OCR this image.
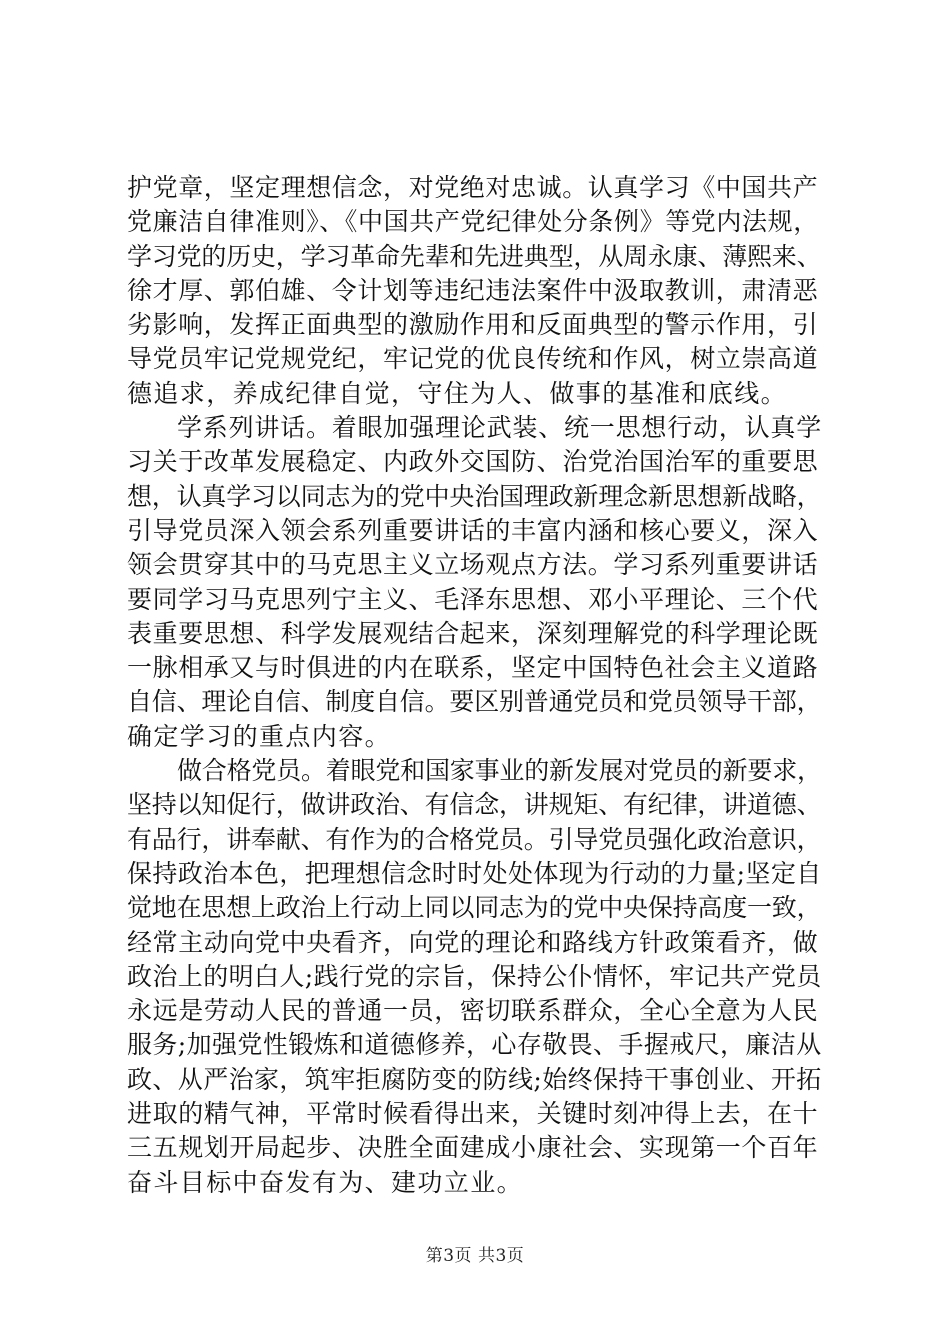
护党章，坚定理想信念，对党绝对忠诚。认真学习《中国共产
党廉洁自律准则》、《中国共产党纪律处分条例》等党内法规，
学习党的历史，学习革命先辈和先进典型，从周永康、薄熙来、
徐才厚、郭伯雄、令计划等违纪违法案件中汲取教训，肃清恶
劣影响，发挥正面典型的激励作用和反面典型的警示作用，引
导党员牢记党规党纪，牢记党的优良传统和作风，树立崇高道
德追求，养成纪律自觉，守住为人、做事的基准和底线。
学系列讲话。着眼加强理论武装、统一思想行动，认真学
习关于改革发展稳定、内政外交国防、治党治国治军的重要思
想，认真学习以同志为的党中央治国理政新理念新思想新战略，
引导党员深入领会系列重要讲话的丰富内涵和核心要义，深入
领会贯穿其中的马克思主义立场观点方法。学习系列重要讲话
要同学习马克思列宁主义、毛泽东思想、邓小平理论、三个代
表重要思想、科学发展观结合起来，深刻理解党的科学理论既
一脉相承又与时俱进的内在联系，坚定中国特色社会主义道路
自信、理论自信、制度自信。要区别普通党员和党员领导干部，
确定学习的重点内容。
做合格党员。着眼党和国家事业的新发展对党员的新要求，
坚持以知促行，做讲政治、有信念，讲规矩、有纪律，讲道德、
有品行，讲奉献、有作为的合格党员。引导党员强化政治意识，
保持政治本色，把理想信念时时处处体现为行动的力量;坚定自
觉地在思想上政治上行动上同以同志为的党中央保持高度一致，
经常主动向党中央看齐，向党的理论和路线方针政策看齐，做
政治上的明白人;践行党的宗旨，保持公仆情怀，牢记共产党员
永远是劳动人民的普通一员，密切联系群众，全心全意为人民
服务;加强党性锻炼和道德修养，心存敬畏、手握戒尺，廉洁从
政、从严治家，筑牢拒腐防变的防线;始终保持干事创业、开拓
进取的精气神，平常时候看得出来，关键时刻冲得上去，在十
三五规划开局起步、决胜全面建成小康社会、实现第一个百年
奋斗目标中奋发有为、建功立业。
第3页 共3页
